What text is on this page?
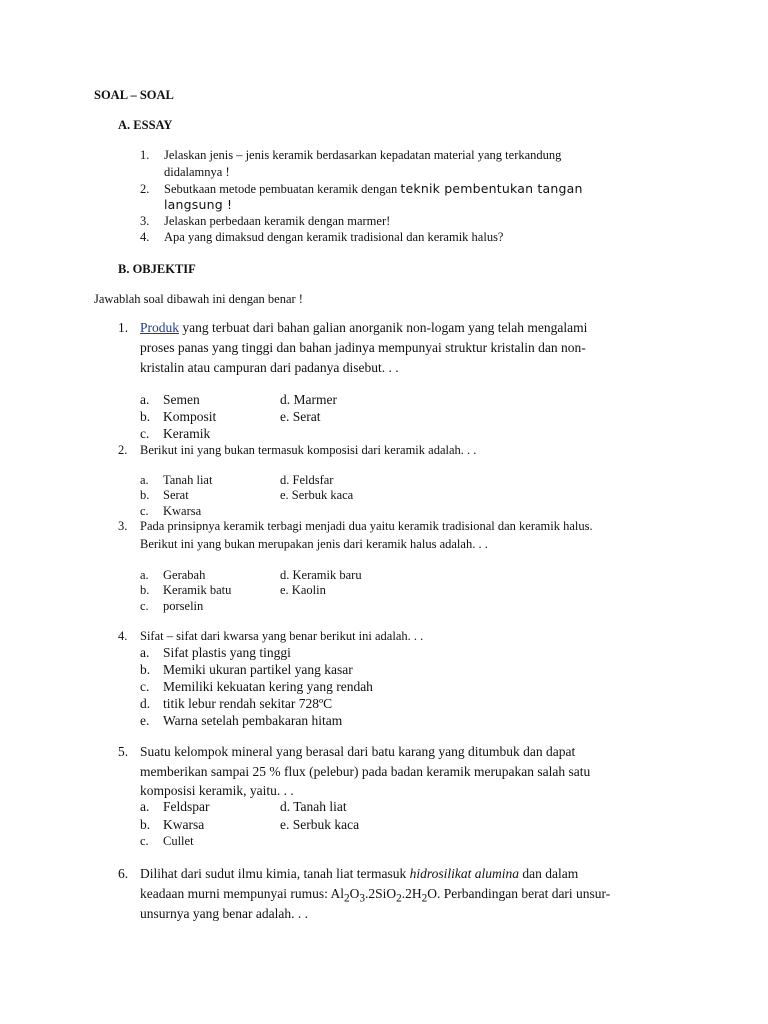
SOAL – SOAL
A. ESSAY
1. Jelaskan jenis – jenis keramik berdasarkan kepadatan material yang terkandung
didalamnya !
2. Sebutkaan metode pembuatan keramik dengan teknik pembentukan tangan
langsung !
3. Jelaskan perbedaan keramik dengan marmer!
4. Apa yang dimaksud dengan keramik tradisional dan keramik halus?
B. OBJEKTIF
Jawablah soal dibawah ini dengan benar !
1. Produk yang terbuat dari bahan galian anorganik non-logam yang telah mengalami
proses panas yang tinggi dan bahan jadinya mempunyai struktur kristalin dan non-
kristalin atau campuran dari padanya disebut. . .
a. Semen	d. Marmer
b. Komposit	e. Serat
c. Keramik
2. Berikut ini yang bukan termasuk komposisi dari keramik adalah. . .
a. Tanah liat	d. Feldsfar
b. Serat	e. Serbuk kaca
c. Kwarsa
3. Pada prinsipnya keramik terbagi menjadi dua yaitu keramik tradisional dan keramik halus.
Berikut ini yang bukan merupakan jenis dari keramik halus adalah. . .
a. Gerabah	d. Keramik baru
b. Keramik batu	e. Kaolin
c. porselin
4. Sifat – sifat dari kwarsa yang benar berikut ini adalah. . .
a. Sifat plastis yang tinggi
b. Memiki ukuran partikel yang kasar
c. Memiliki kekuatan kering yang rendah
d. titik lebur rendah sekitar 728ºC
e. Warna setelah pembakaran hitam
5. Suatu kelompok mineral yang berasal dari batu karang yang ditumbuk dan dapat
memberikan sampai 25 % flux (pelebur) pada badan keramik merupakan salah satu
komposisi keramik, yaitu. . .
a. Feldspar	d. Tanah liat
b. Kwarsa	e. Serbuk kaca
c. Cullet
6. Dilihat dari sudut ilmu kimia, tanah liat termasuk hidrosilikat alumina dan dalam
keadaan murni mempunyai rumus: $Al_2O_3.2SiO_2.2H_2O$. Perbandingan berat dari unsur-
unsurnya yang benar adalah. . .
